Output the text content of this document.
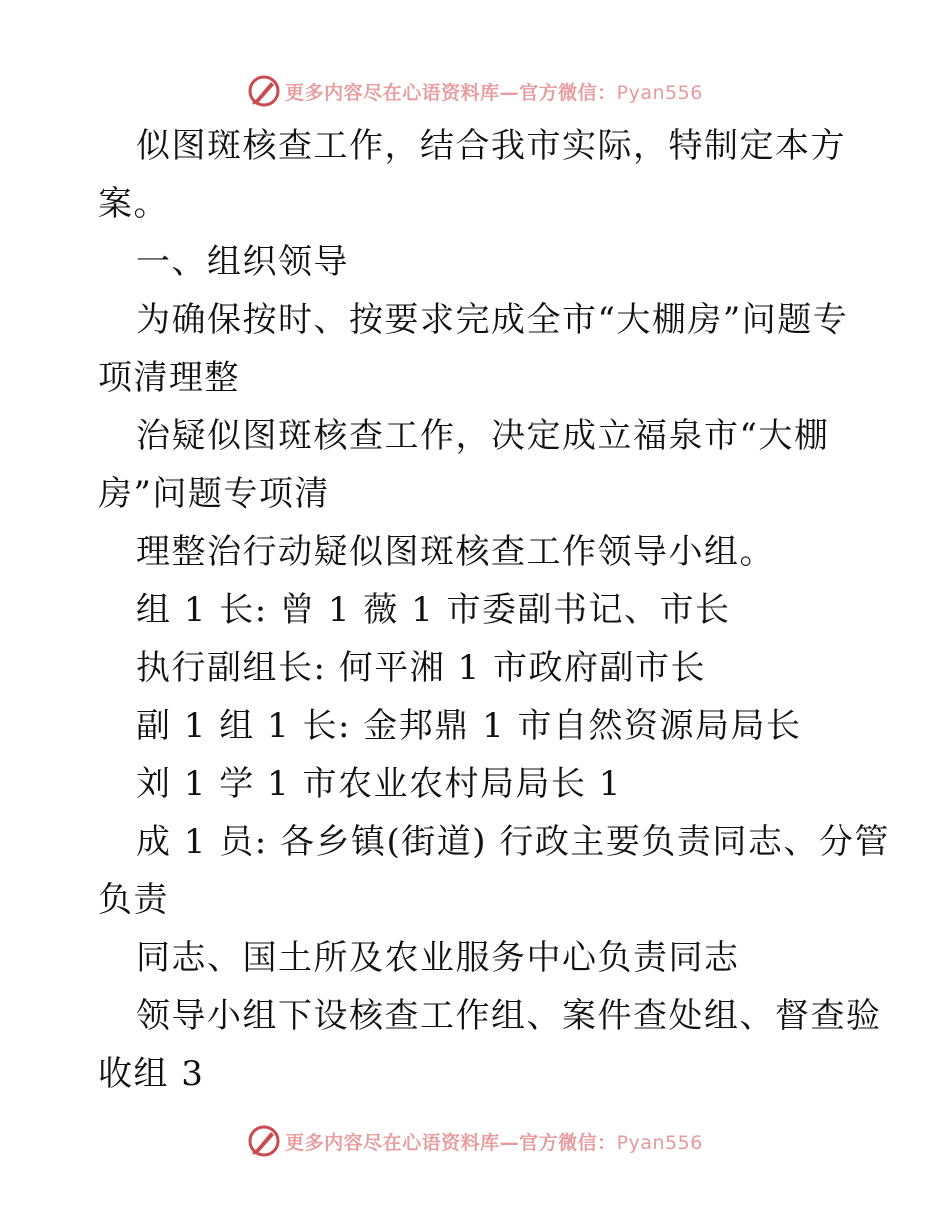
更多内容尽在心语资料库—官方微信：Pyan556
似图斑核查工作，结合我市实际，特制定本方
案。
一、组织领导
为确保按时、按要求完成全市“大棚房”问题专
项清理整
治疑似图斑核查工作，决定成立福泉市“大棚
房”问题专项清
理整治行动疑似图斑核查工作领导小组。
组 1 长: 曾 1 薇 1 市委副书记、市长
执行副组长: 何平湘 1 市政府副市长
副 1 组 1 长: 金邦鼎 1 市自然资源局局长
刘 1 学 1 市农业农村局局长 1
成 1 员: 各乡镇(街道) 行政主要负责同志、分管
负责
同志、国土所及农业服务中心负责同志
领导小组下设核查工作组、案件查处组、督查验
收组 3
更多内容尽在心语资料库—官方微信：Pyan556
